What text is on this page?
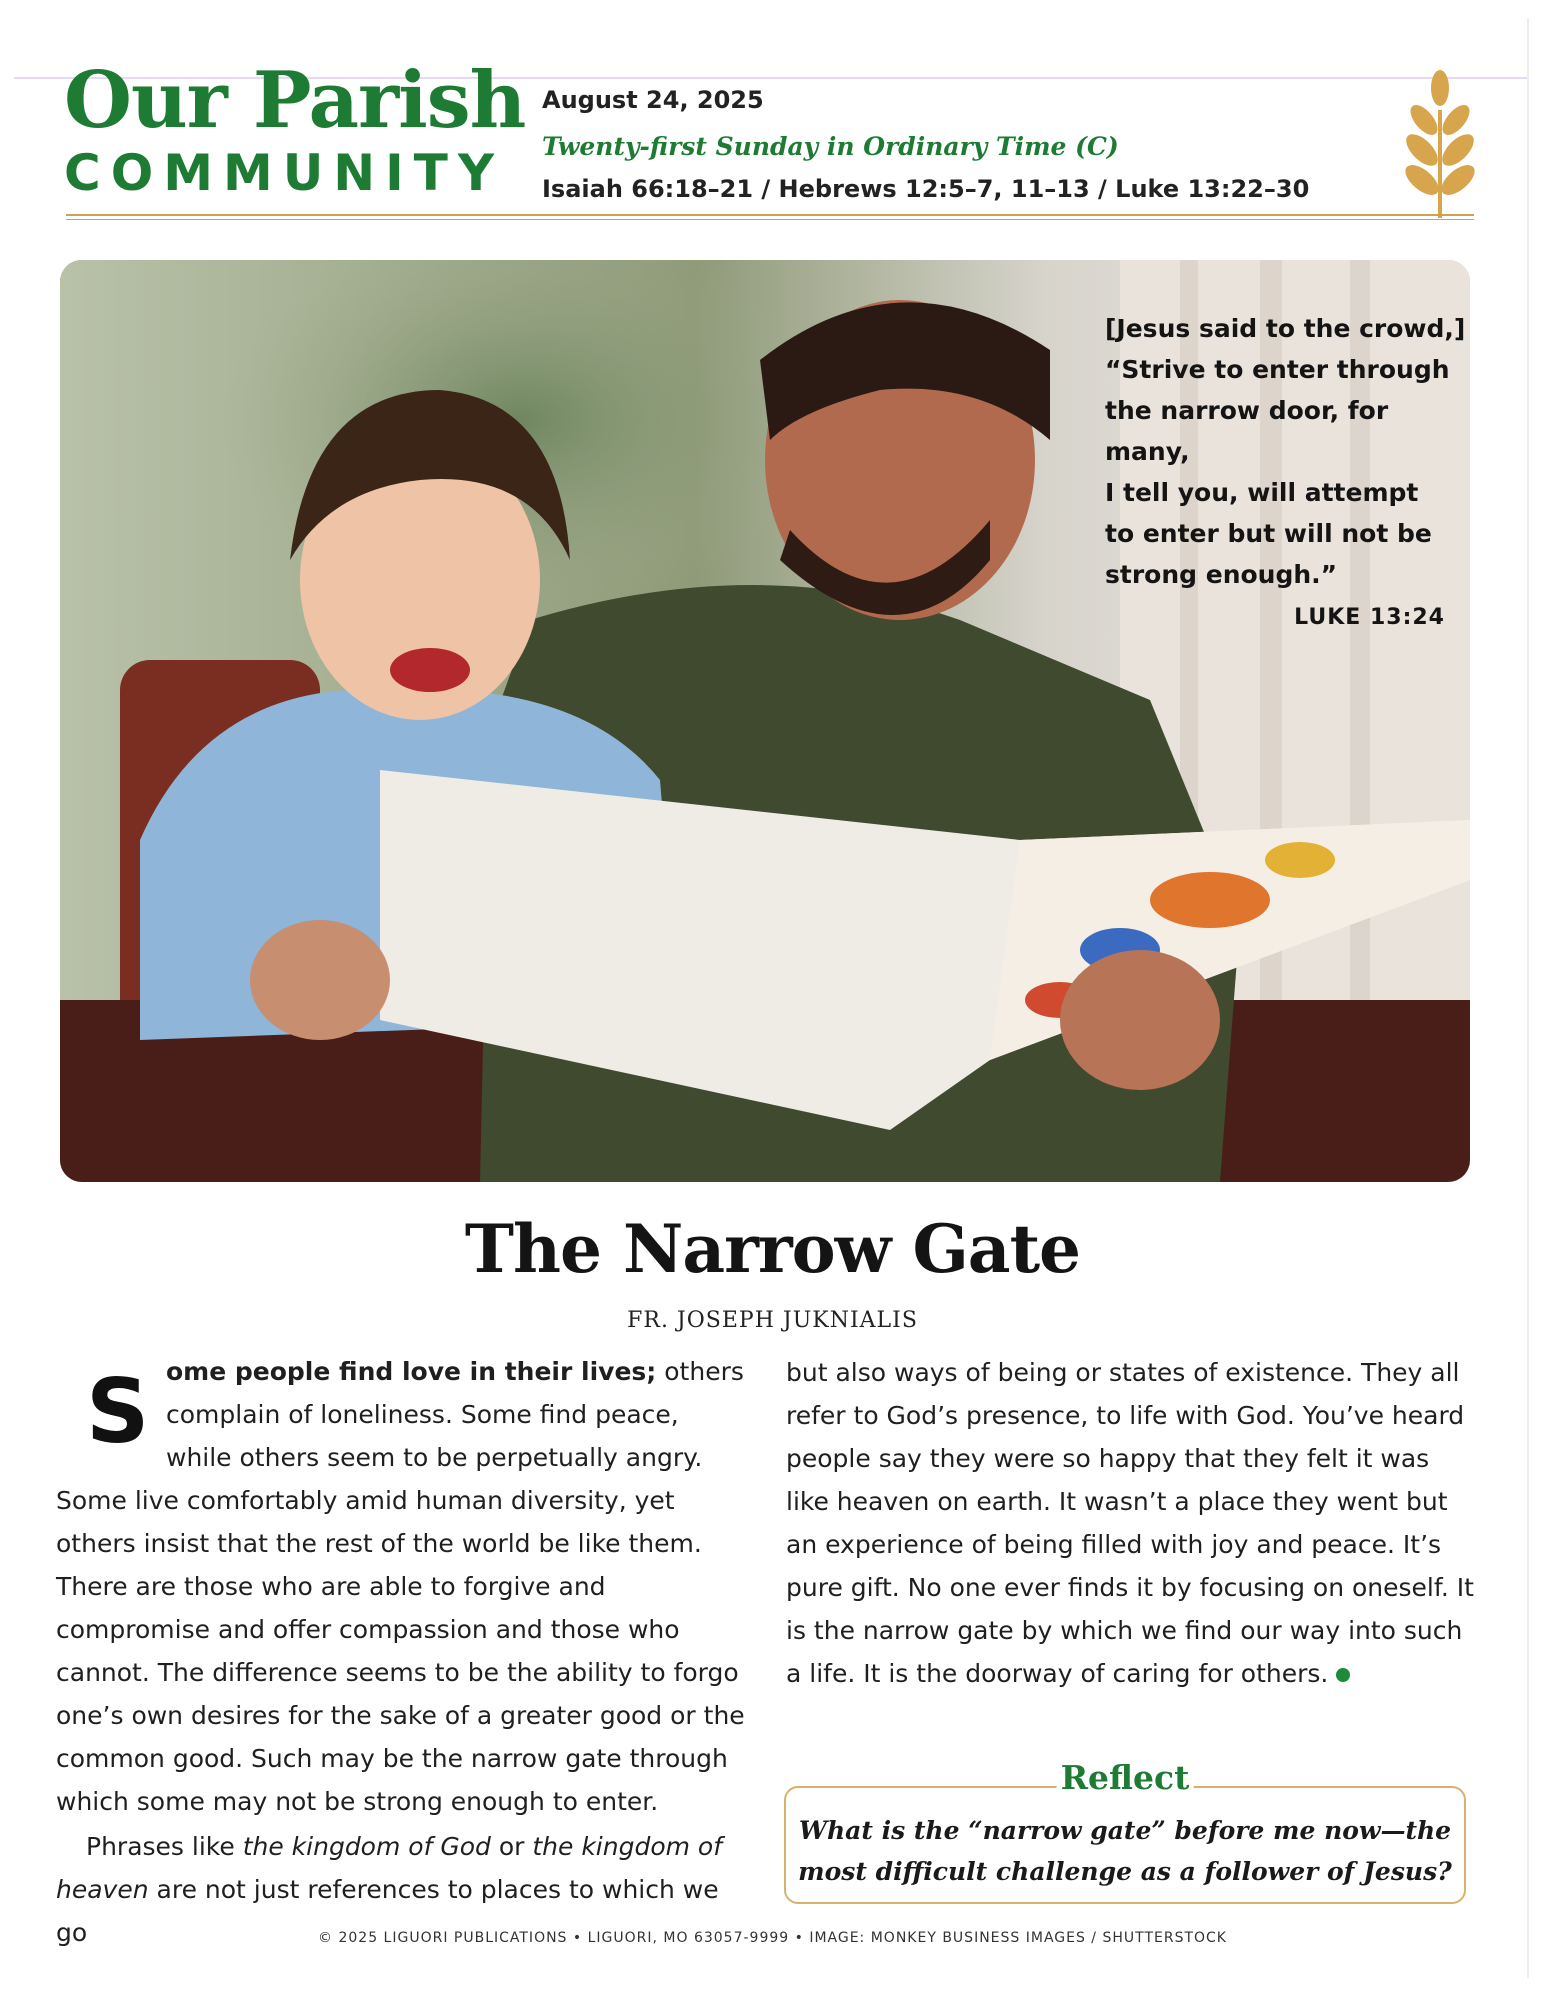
Our Parish
COMMUNITY
August 24, 2025
Twenty-first Sunday in Ordinary Time (C)
Isaiah 66:18–21 / Hebrews 12:5–7, 11–13 / Luke 13:22–30
[Jesus said to the crowd,]
“Strive to enter through
the narrow door, for many,
I tell you, will attempt
to enter but will not be
strong enough.”
LUKE 13:24
The Narrow Gate
FR. JOSEPH JUKNIALIS

Some people find love in their lives; others complain of loneliness. Some find peace, while others seem to be perpetually angry. Some live comfortably amid human diversity, yet others insist that the rest of the world be like them. There are those who are able to forgive and compromise and offer compassion and those who cannot. The difference seems to be the ability to forgo one’s own desires for the sake of a greater good or the common good. Such may be the narrow gate through which some may not be strong enough to enter.

Phrases like the kingdom of God or the kingdom of heaven are not just references to places to which we go

but also ways of being or states of existence. They all refer to God’s presence, to life with God. You’ve heard people say they were so happy that they felt it was like heaven on earth. It wasn’t a place they went but an experience of being filled with joy and peace. It’s pure gift. No one ever finds it by focusing on oneself. It is the narrow gate by which we find our way into such a life. It is the doorway of caring for others.

Reflect
What is the “narrow gate” before me now—the most difficult challenge as a follower of Jesus?
© 2025 LIGUORI PUBLICATIONS • LIGUORI, MO 63057-9999 • IMAGE: MONKEY BUSINESS IMAGES / SHUTTERSTOCK
